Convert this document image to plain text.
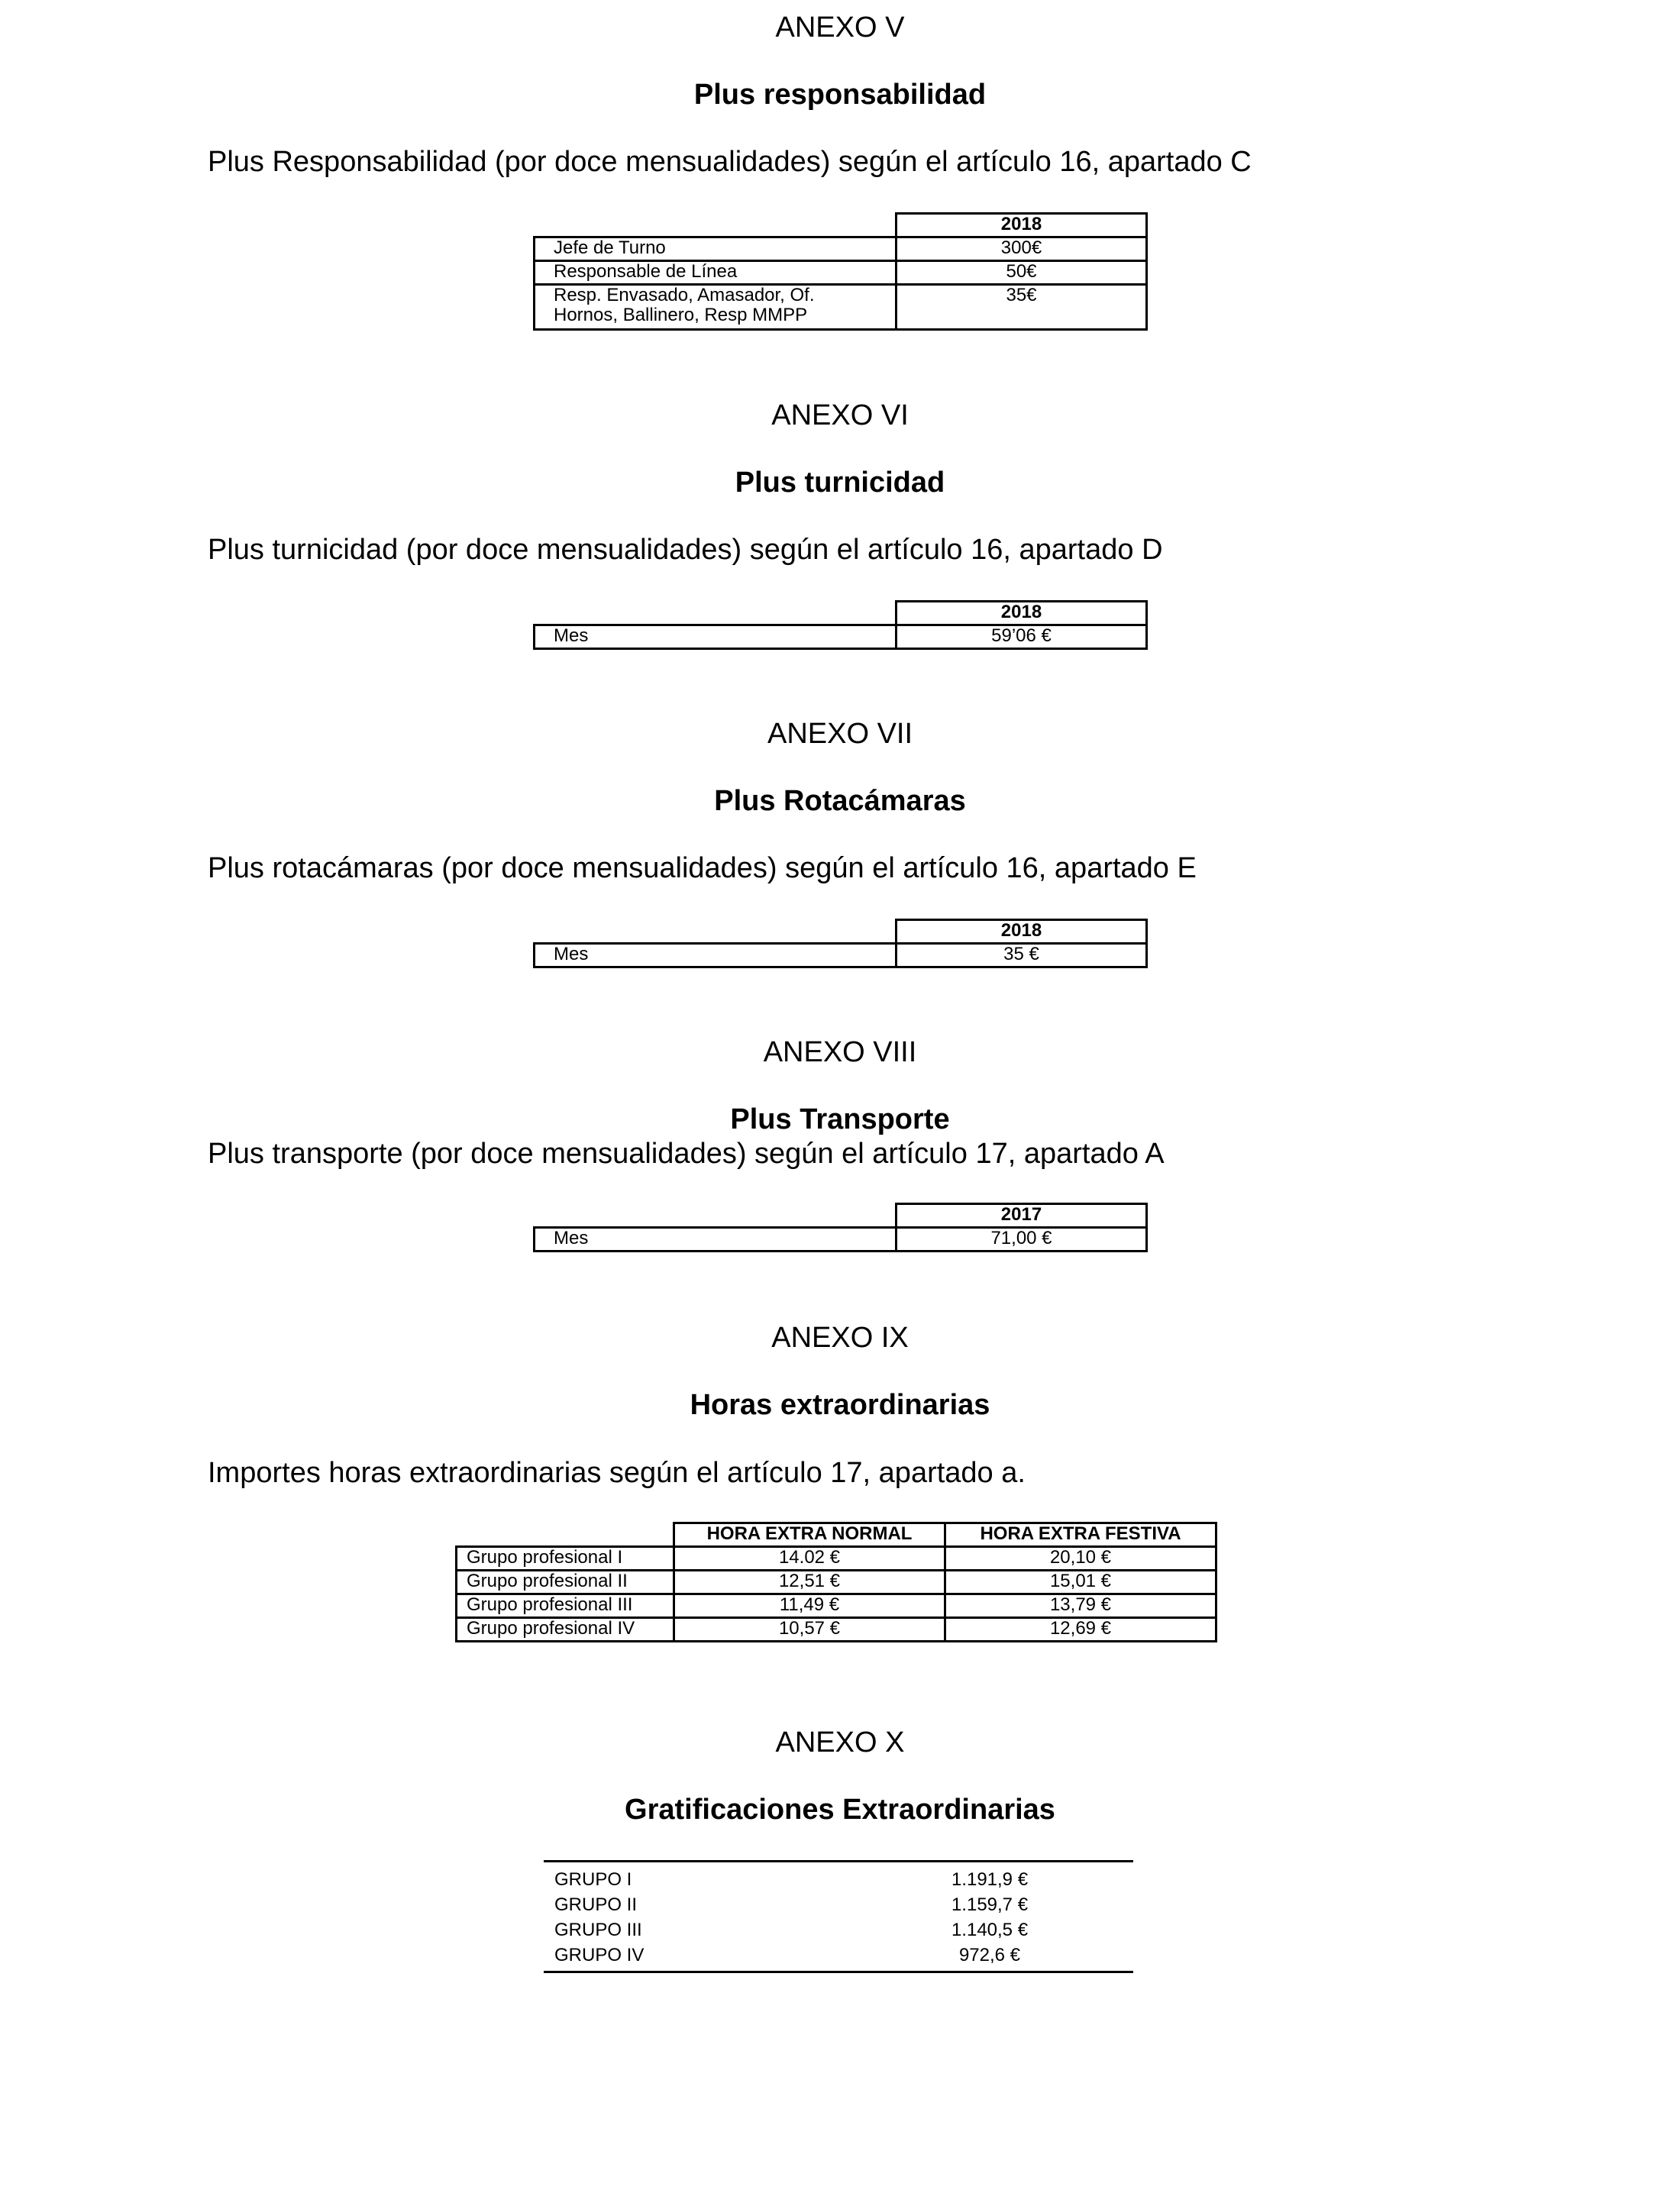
ANEXO V
Plus responsabilidad
Plus Responsabilidad (por doce mensualidades) según el artículo 16, apartado C
	2018
Jefe de Turno	300€
Responsable de Línea	50€
Resp. Envasado, Amasador, Of.
Hornos, Ballinero, Resp MMPP	35€
ANEXO VI
Plus turnicidad
Plus turnicidad (por doce mensualidades) según el artículo 16, apartado D
	2018
Mes	59’06 €
ANEXO VII
Plus Rotacámaras
Plus rotacámaras (por doce mensualidades) según el artículo 16, apartado E
	2018
Mes	35 €
ANEXO VIII
Plus Transporte
Plus transporte (por doce mensualidades) según el artículo 17, apartado A
	2017
Mes	71,00 €
ANEXO IX
Horas extraordinarias
Importes horas extraordinarias según el artículo 17, apartado a.
	HORA EXTRA NORMAL	HORA EXTRA FESTIVA
Grupo profesional I	14.02 €	20,10 €
Grupo profesional II	12,51 €	15,01 €
Grupo profesional III	11,49 €	13,79 €
Grupo profesional IV	10,57 €	12,69 €
ANEXO X
Gratificaciones Extraordinarias
GRUPO I	1.191,9 €
GRUPO II	1.159,7 €
GRUPO III	1.140,5 €
GRUPO IV	972,6 €
